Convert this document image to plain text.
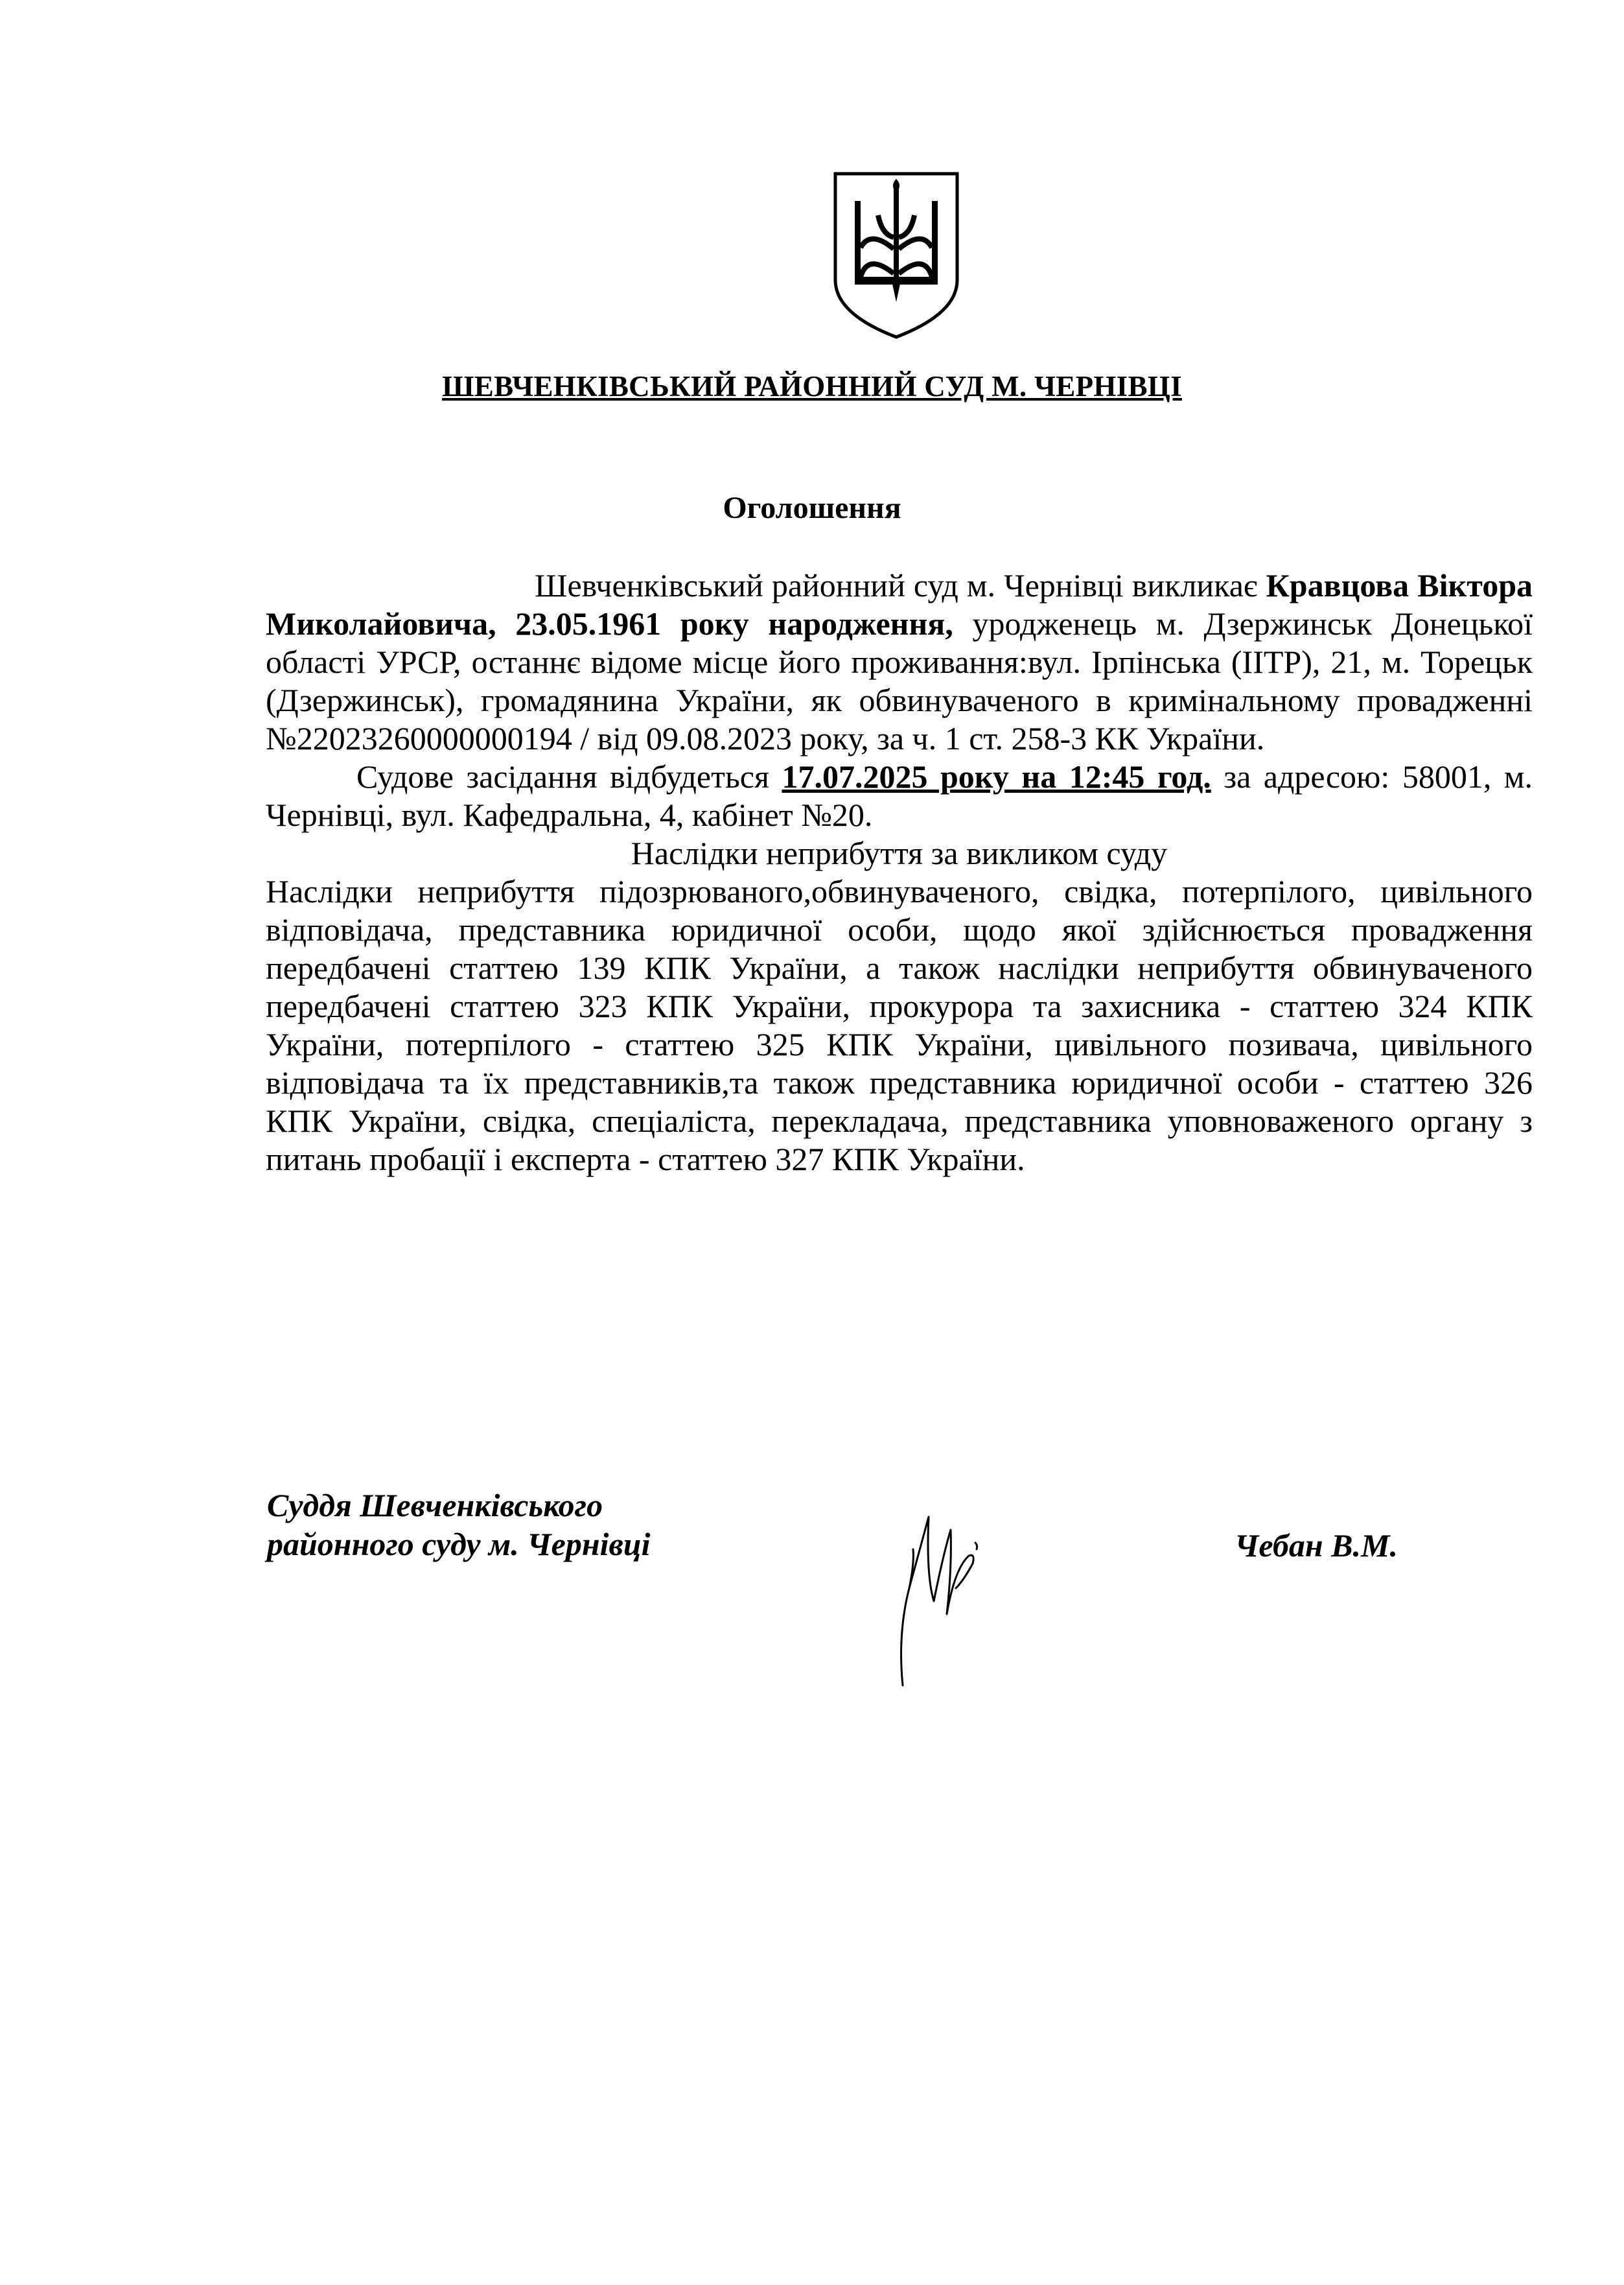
ШЕВЧЕНКІВСЬКИЙ РАЙОННИЙ СУД М. ЧЕРНІВЦІ
Оголошення

Шевченківський районний суд м. Чернівці викликає Кравцова Віктора Миколайовича, 23.05.1961 року народження, уродженець м. Дзержинськ Донецької області УРСР, останнє відоме місце його проживання:вул. Ірпінська (ІІТР), 21, м. Торецьк (Дзержинськ), громадянина України, як обвинуваченого в кримінальному провадженні №22023260000000194 / від 09.08.2023 року, за ч. 1 ст. 258-3 КК України.

Судове засідання відбудеться 17.07.2025 року на 12:45 год. за адресою: 58001, м. Чернівці, вул. Кафедральна, 4, кабінет №20.

Наслідки неприбуття за викликом суду

Наслідки неприбуття підозрюваного,обвинуваченого, свідка, потерпілого, цивільного відповідача, представника юридичної особи, щодо якої здійснюється провадження передбачені статтею 139 КПК України, а також наслідки неприбуття обвинуваченого передбачені статтею 323 КПК України, прокурора та захисника - статтею 324 КПК України, потерпілого - статтею 325 КПК України, цивільного позивача, цивільного відповідача та їх представників,та також представника юридичної особи - статтею 326 КПК України, свідка, спеціаліста, перекладача, представника уповноваженого органу з питань пробації і експерта - статтею 327 КПК України.

Суддя Шевченківського
районного суду м. Чернівці	Чебан В.М.
